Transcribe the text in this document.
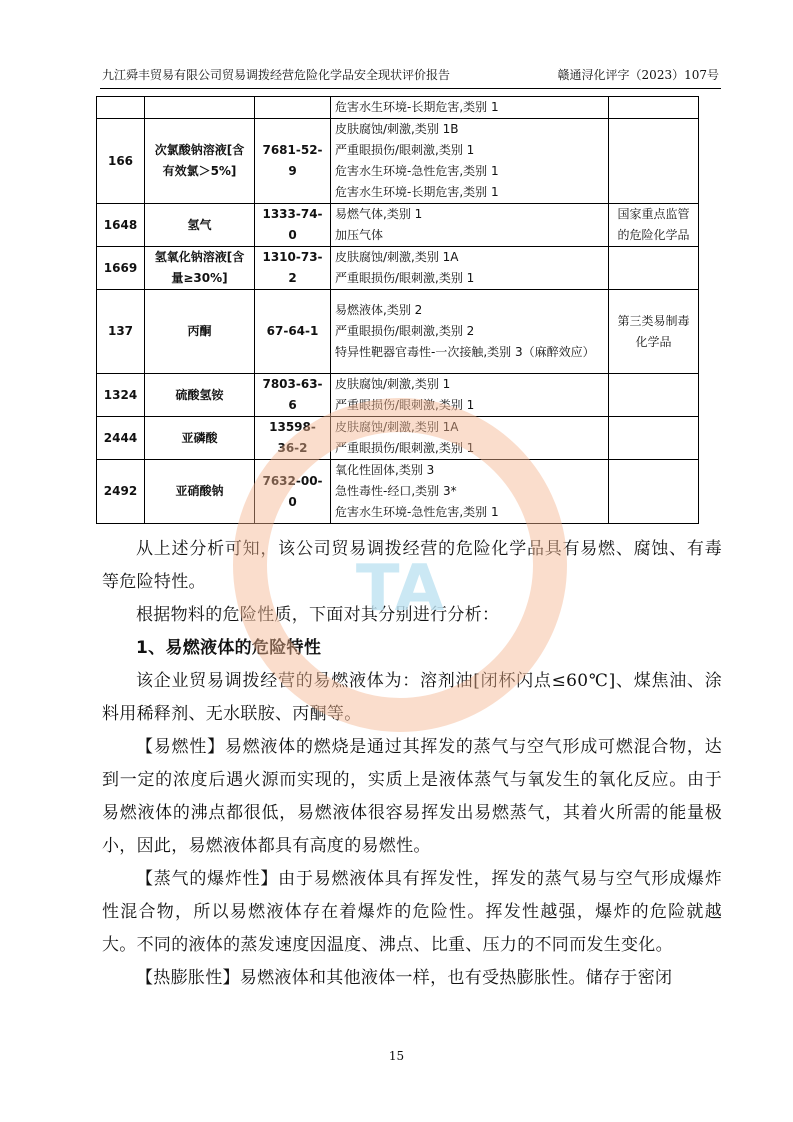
九江舜丰贸易有限公司贸易调拨经营危险化学品安全现状评价报告	赣通浔化评字（2023）107号

			危害水生环境-长期危害,类别 1	

166	次氯酸钠溶液[含有效氯＞5%]	7681-52-9	皮肤腐蚀/刺激,类别 1B
严重眼损伤/眼刺激,类别 1
危害水生环境-急性危害,类别 1
危害水生环境-长期危害,类别 1	

1648	氢气	1333-74-0	易燃气体,类别 1
加压气体	国家重点监管的危险化学品
1669	氢氧化钠溶液[含量≥30%]	1310-73-2	皮肤腐蚀/刺激,类别 1A
严重眼损伤/眼刺激,类别 1	

137	丙酮	67-64-1	易燃液体,类别 2
严重眼损伤/眼刺激,类别 2
特异性靶器官毒性-一次接触,类别 3（麻醉效应）	第三类易制毒化学品
1324	硫酸氢铵	7803-63-6	皮肤腐蚀/刺激,类别 1
严重眼损伤/眼刺激,类别 1	

2444	亚磷酸	13598-36-2	皮肤腐蚀/刺激,类别 1A
严重眼损伤/眼刺激,类别 1	

2492	亚硝酸钠	7632-00-0	氧化性固体,类别 3
急性毒性-经口,类别 3*
危害水生环境-急性危害,类别 1	

从上述分析可知，该公司贸易调拨经营的危险化学品具有易燃、腐蚀、有毒等危险特性。

根据物料的危险性质，下面对其分别进行分析：

1、易燃液体的危险特性

该企业贸易调拨经营的易燃液体为：溶剂油[闭杯闪点≤60℃]、煤焦油、涂料用稀释剂、无水联胺、丙酮等。

【易燃性】易燃液体的燃烧是通过其挥发的蒸气与空气形成可燃混合物，达到一定的浓度后遇火源而实现的，实质上是液体蒸气与氧发生的氧化反应。由于易燃液体的沸点都很低，易燃液体很容易挥发出易燃蒸气，其着火所需的能量极小，因此，易燃液体都具有高度的易燃性。

【蒸气的爆炸性】由于易燃液体具有挥发性，挥发的蒸气易与空气形成爆炸性混合物，所以易燃液体存在着爆炸的危险性。挥发性越强，爆炸的危险就越大。不同的液体的蒸发速度因温度、沸点、比重、压力的不同而发生变化。

【热膨胀性】易燃液体和其他液体一样，也有受热膨胀性。储存于密闭

TA
15
